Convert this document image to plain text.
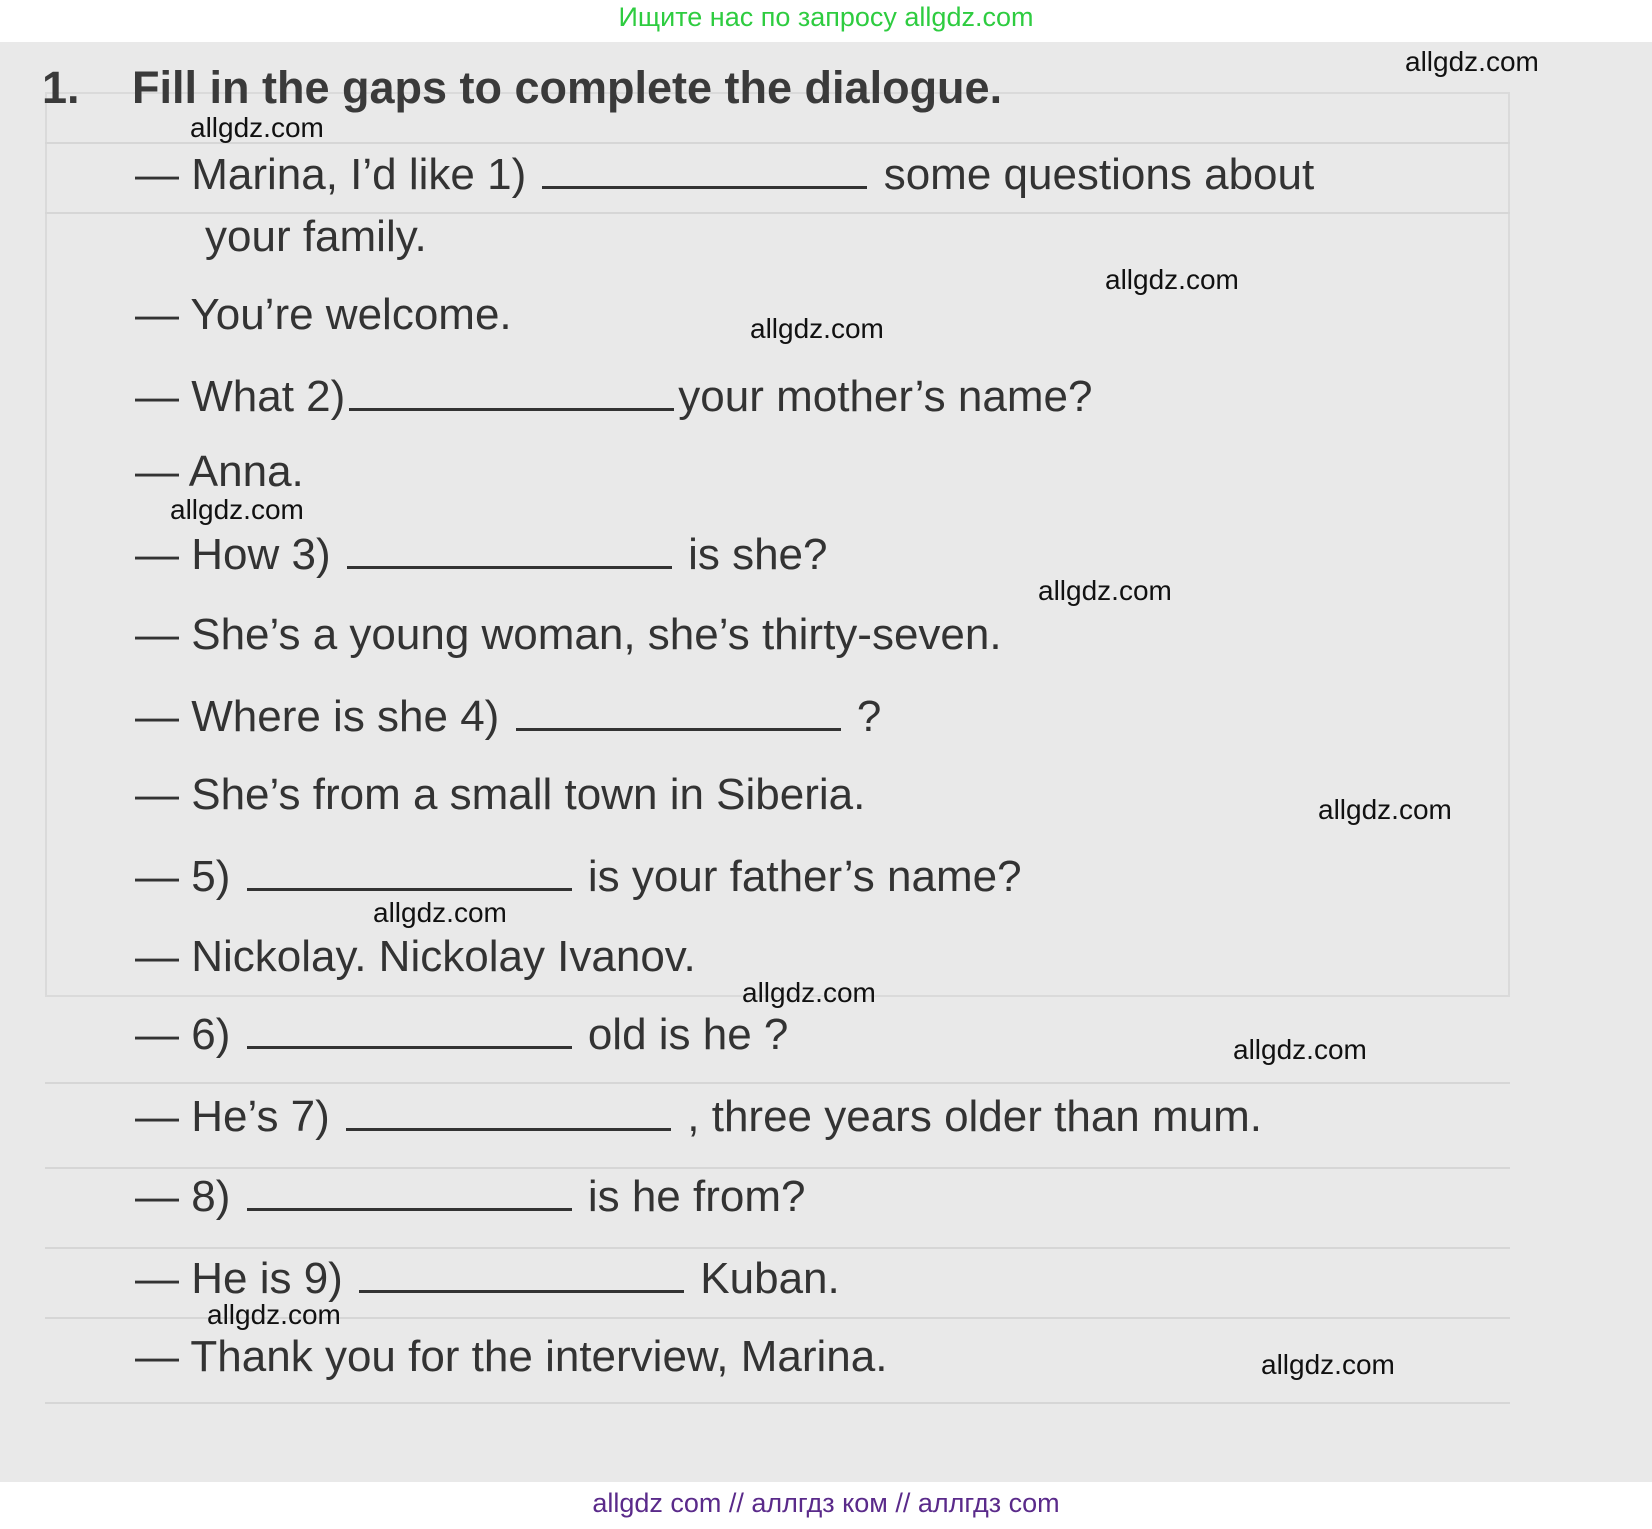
Ищите нас по запросу allgdz.com
1. Fill in the gaps to complete the dialogue.
— Marina, I’d like 1)	some questions about
your family.
— You’re welcome.
— What 2)	your mother’s name?
— Anna.
— How 3)	is she?
— She’s a young woman, she’s thirty-seven.
— Where is she 4)	?
— She’s from a small town in Siberia.
— 5)	is your father’s name?
— Nickolay. Nickolay Ivanov.
— 6)	old is he ?
— He’s 7)	, three years older than mum.
— 8)	is he from?
— He is 9)	Kuban.
— Thank you for the interview, Marina.
allgdz.com
allgdz.com
allgdz.com
allgdz.com
allgdz.com
allgdz.com
allgdz.com
allgdz.com
allgdz.com
allgdz.com
allgdz.com
allgdz.com
allgdz com // аллгдз ком // аллгдз com
